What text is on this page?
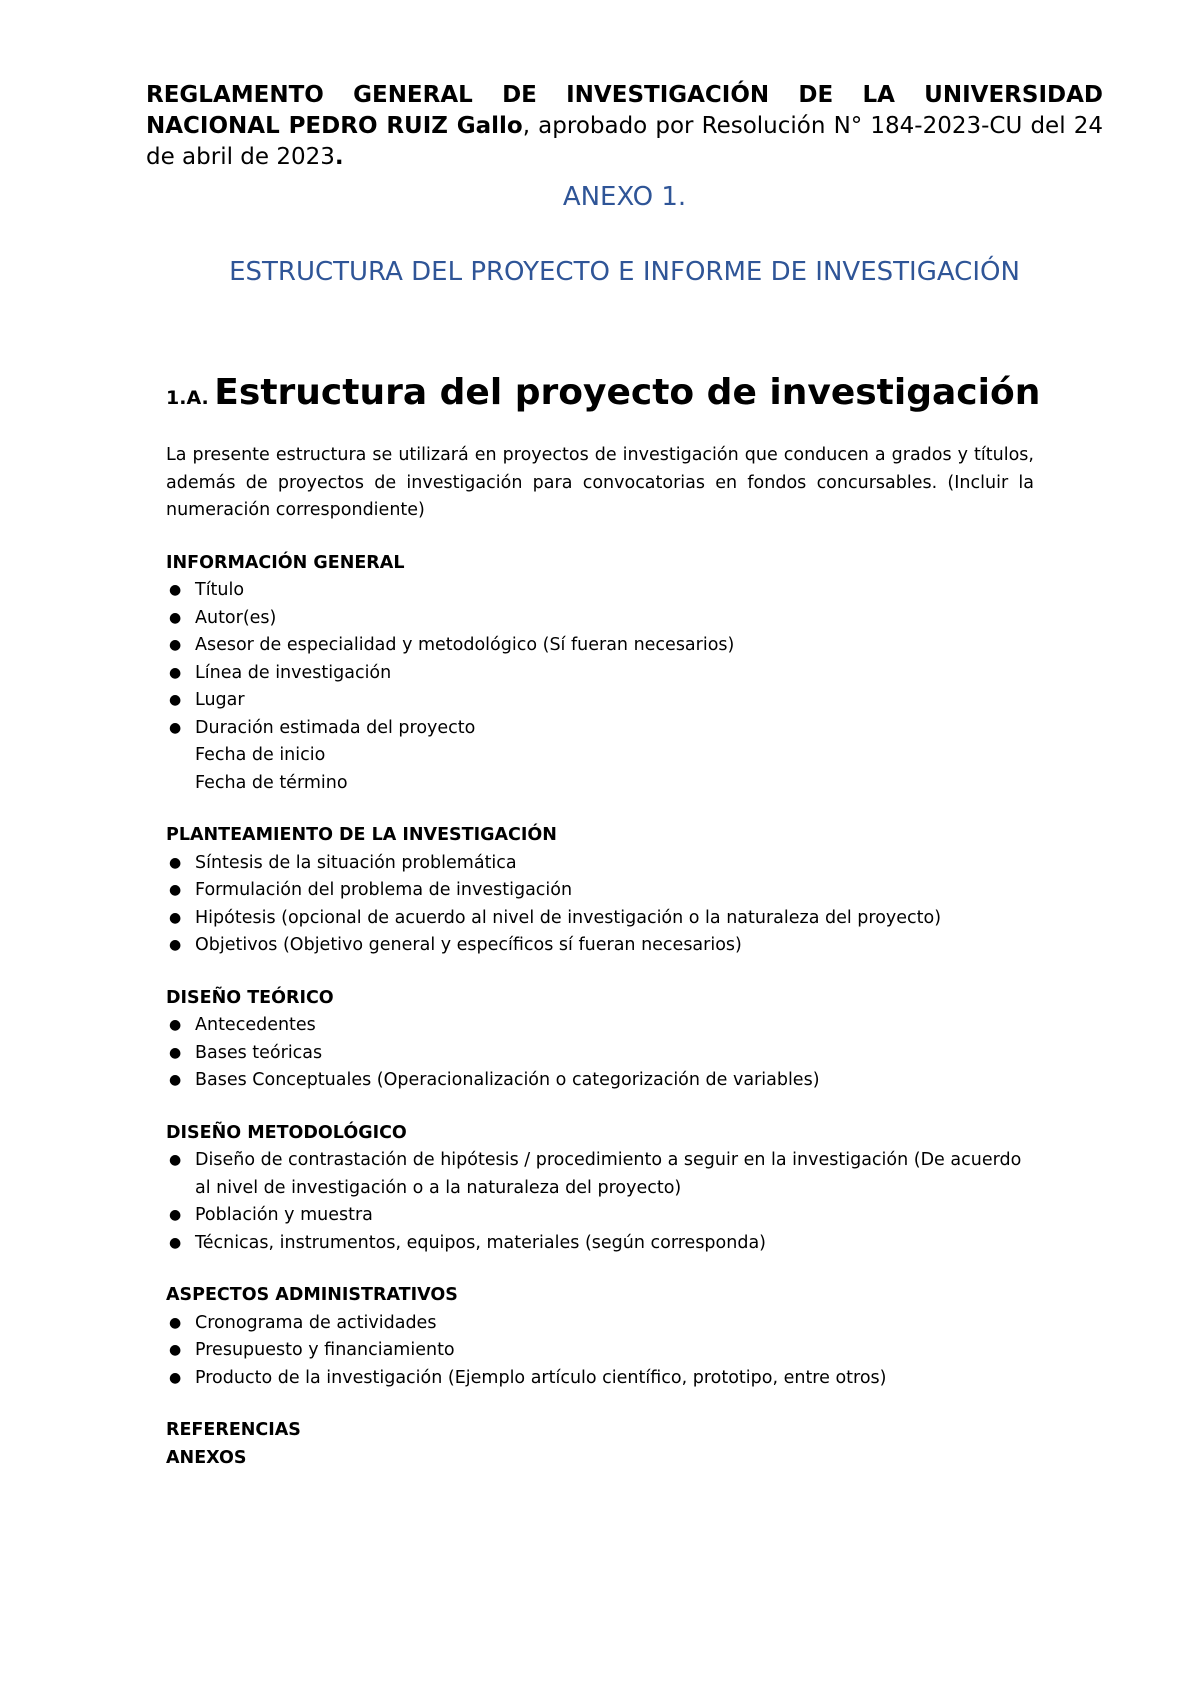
REGLAMENTO GENERAL DE INVESTIGACIÓN DE LA UNIVERSIDAD NACIONAL PEDRO RUIZ Gallo, aprobado por Resolución N° 184-2023-CU del 24 de abril de 2023.
ANEXO 1.
ESTRUCTURA DEL PROYECTO E INFORME DE INVESTIGACIÓN
1.A. Estructura del proyecto de investigación

La presente estructura se utilizará en proyectos de investigación que conducen a grados y títulos, además de proyectos de investigación para convocatorias en fondos concursables. (Incluir la numeración correspondiente)

INFORMACIÓN GENERAL

● Título
● Autor(es)
● Asesor de especialidad y metodológico (Sí fueran necesarios)
● Línea de investigación
● Lugar
● Duración estimada del proyecto
Fecha de inicio
Fecha de término

PLANTEAMIENTO DE LA INVESTIGACIÓN

● Síntesis de la situación problemática
● Formulación del problema de investigación
● Hipótesis (opcional de acuerdo al nivel de investigación o la naturaleza del proyecto)
● Objetivos (Objetivo general y específicos sí fueran necesarios)

DISEÑO TEÓRICO

● Antecedentes
● Bases teóricas
● Bases Conceptuales (Operacionalización o categorización de variables)

DISEÑO METODOLÓGICO

● Diseño de contrastación de hipótesis / procedimiento a seguir en la investigación (De acuerdo al nivel de investigación o a la naturaleza del proyecto)
● Población y muestra
● Técnicas, instrumentos, equipos, materiales (según corresponda)

ASPECTOS ADMINISTRATIVOS

● Cronograma de actividades
● Presupuesto y financiamiento
● Producto de la investigación (Ejemplo artículo científico, prototipo, entre otros)

REFERENCIAS

ANEXOS
